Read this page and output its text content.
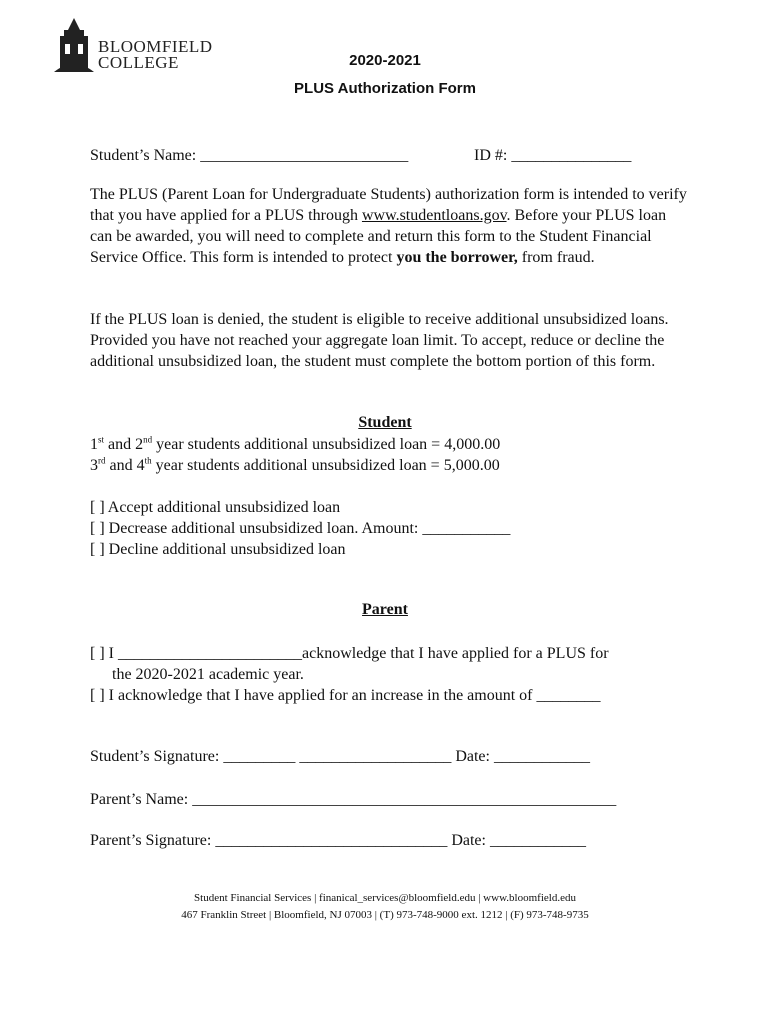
BLOOMFIELD
COLLEGE	2020-2021
PLUS Authorization Form
Student’s Name: __________________________	ID #: _______________
The PLUS (Parent Loan for Undergraduate Students) authorization form is intended to verify that you have applied for a PLUS through www.studentloans.gov. Before your PLUS loan can be awarded, you will need to complete and return this form to the Student Financial Service Office. This form is intended to protect you the borrower, from fraud.
If the PLUS loan is denied, the student is eligible to receive additional unsubsidized loans. Provided you have not reached your aggregate loan limit. To accept, reduce or decline the additional unsubsidized loan, the student must complete the bottom portion of this form.
Student
1st and 2nd year students additional unsubsidized loan = 4,000.00
3rd and 4th year students additional unsubsidized loan = 5,000.00
[ ] Accept additional unsubsidized loan
[ ] Decrease additional unsubsidized loan. Amount: ___________
[ ] Decline additional unsubsidized loan
Parent
[ ] I _______________________acknowledge that I have applied for a PLUS for
the 2020-2021 academic year.
[ ] I acknowledge that I have applied for an increase in the amount of ________
Student’s Signature: _________ ___________________ Date: ____________
Parent’s Name: _____________________________________________________
Parent’s Signature: _____________________________ Date: ____________
Student Financial Services | finanical_services@bloomfield.edu | www.bloomfield.edu
467 Franklin Street | Bloomfield, NJ 07003 | (T) 973-748-9000 ext. 1212 | (F) 973-748-9735
